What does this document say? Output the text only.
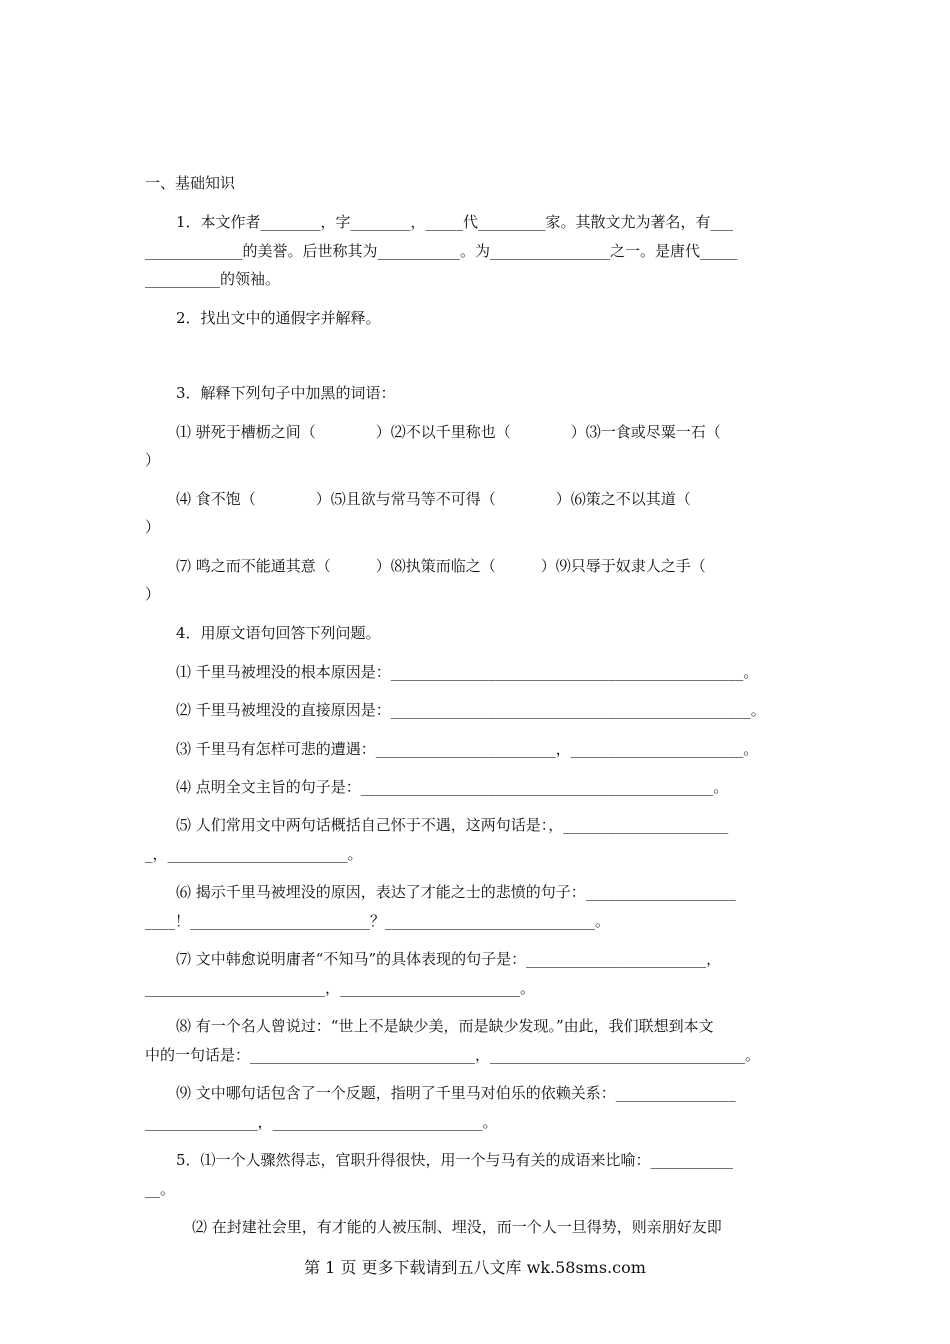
一、基础知识
1．本文作者________，字________，_____代_________家。其散文尤为著名，有___
_____________的美誉。后世称其为___________。为________________之一。是唐代_____
__________的领袖。
2．找出文中的通假字并解释。
3．解释下列句子中加黑的词语：
⑴ 骈死于槽枥之间（　　　　）⑵不以千里称也（　　　　）⑶一食或尽粟一石（
）
⑷ 食不饱（　　　　）⑸且欲与常马等不可得（　　　　）⑹策之不以其道（
）
⑺ 鸣之而不能通其意（　　　）⑻执策而临之（　　　）⑼只辱于奴隶人之手（
）
4．用原文语句回答下列问题。
⑴ 千里马被埋没的根本原因是：_______________________________________________。
⑵ 千里马被埋没的直接原因是：________________________________________________。
⑶ 千里马有怎样可悲的遭遇：________________________，_______________________。
⑷ 点明全文主旨的句子是：_______________________________________________。
⑸ 人们常用文中两句话概括自己怀于不遇，这两句话是：，______________________
_，________________________。
⑹ 揭示千里马被埋没的原因，表达了才能之士的悲愤的句子：____________________
____！________________________？____________________________。
⑺ 文中韩愈说明庸者“不知马”的具体表现的句子是：________________________，
________________________，________________________。
⑻ 有一个名人曾说过：“世上不是缺少美，而是缺少发现。”由此，我们联想到本文
中的一句话是：______________________________，__________________________________。
⑼ 文中哪句话包含了一个反题，指明了千里马对伯乐的依赖关系：________________
_______________，____________________________。
5．⑴一个人骤然得志，官职升得很快，用一个与马有关的成语来比喻：___________
__。
⑵ 在封建社会里，有才能的人被压制、埋没，而一个人一旦得势，则亲朋好友即
第 1 页 更多下载请到五八文库 wk.58sms.com
